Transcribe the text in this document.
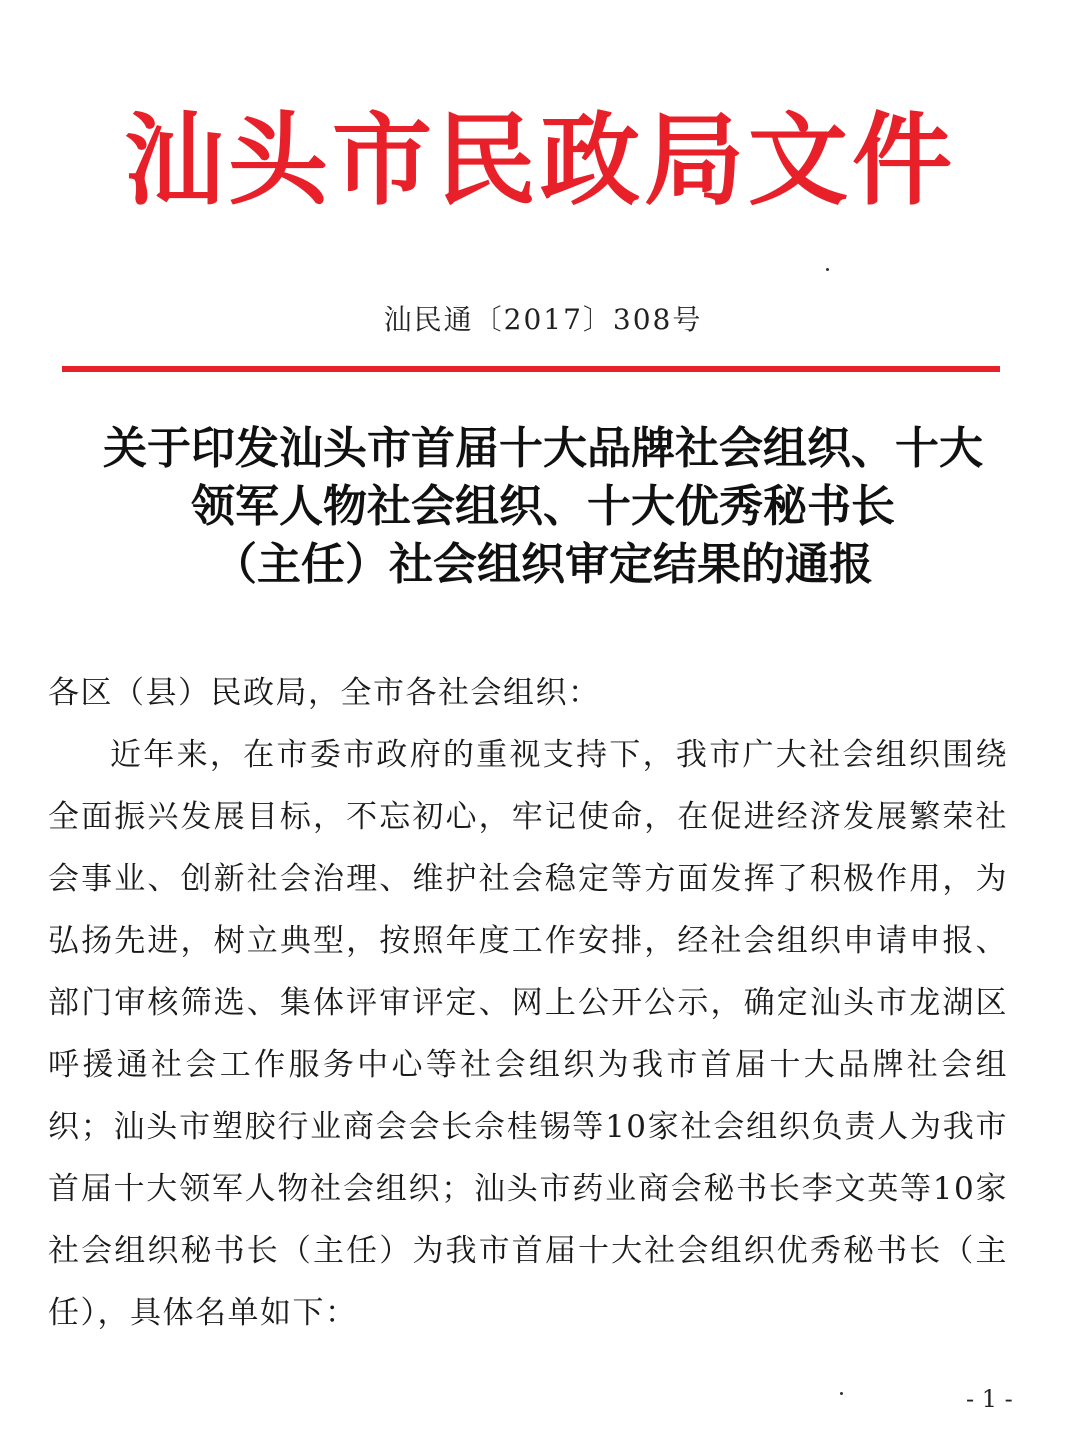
汕头市民政局文件
汕民通〔2017〕308号
关于印发汕头市首届十大品牌社会组织、十大
领军人物社会组织、十大优秀秘书长
（主任）社会组织审定结果的通报
各区（县）民政局，全市各社会组织：
近年来，在市委市政府的重视支持下，我市广大社会组织围绕全面振兴发展目标，不忘初心，牢记使命，在促进经济发展繁荣社会事业、创新社会治理、维护社会稳定等方面发挥了积极作用，为弘扬先进，树立典型，按照年度工作安排，经社会组织申请申报、部门审核筛选、集体评审评定、网上公开公示，确定汕头市龙湖区呼援通社会工作服务中心等社会组织为我市首届十大品牌社会组织；汕头市塑胶行业商会会长佘桂锡等10家社会组织负责人为我市首届十大领军人物社会组织；汕头市药业商会秘书长李文英等10家社会组织秘书长（主任）为我市首届十大社会组织优秀秘书长（主任），具体名单如下：
- 1 -
